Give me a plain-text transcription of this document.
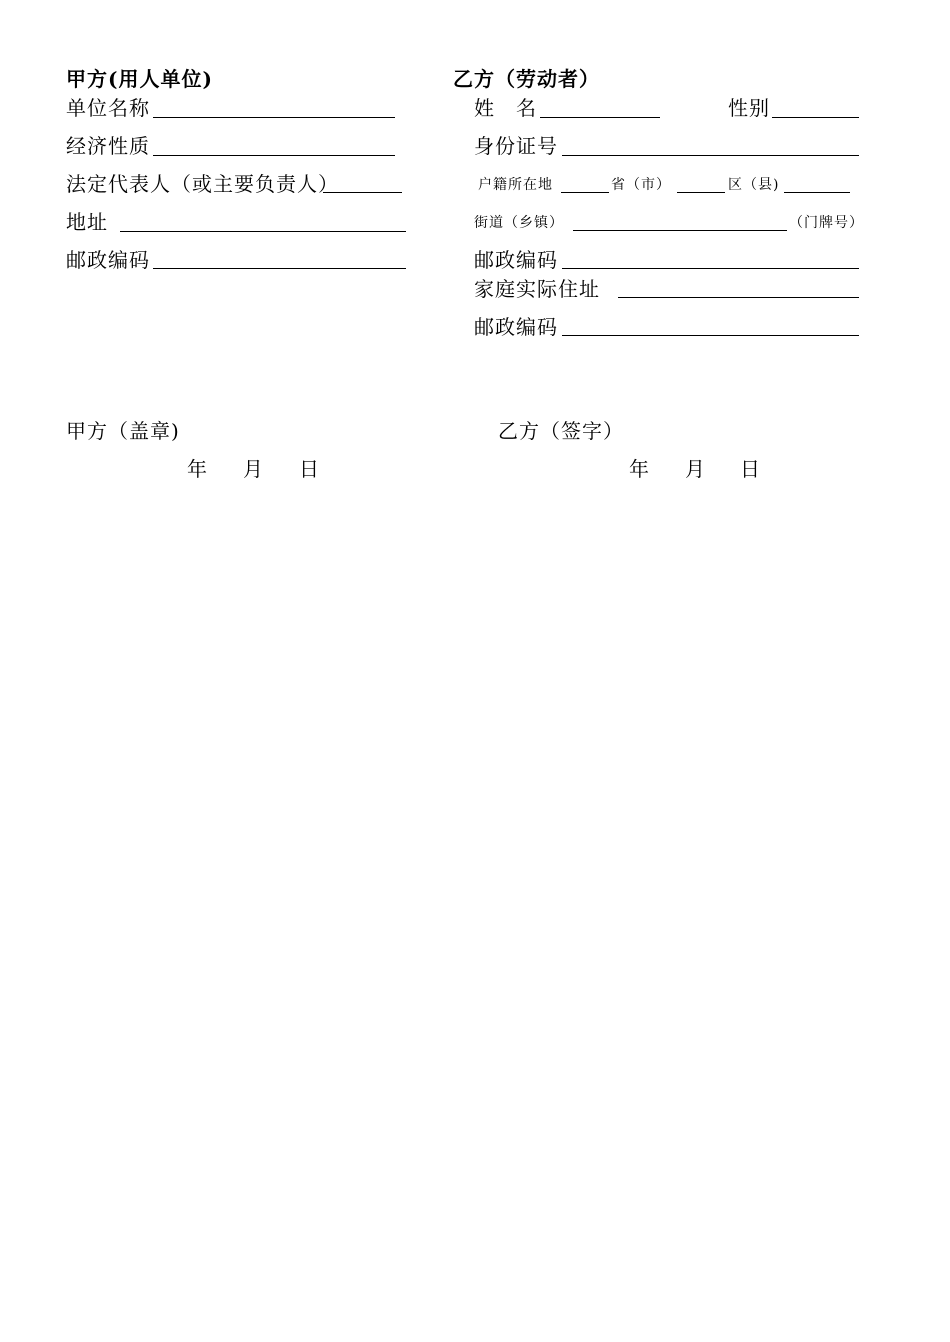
甲方(用人单位)
单位名称
经济性质
法定代表人（或主要负责人）
地址
邮政编码
乙方（劳动者）
姓　名	性别
身份证号
户籍所在地	省（市）	区（县)
街道（乡镇）	（门牌号）
邮政编码
家庭实际住址
邮政编码
甲方（盖章)	乙方（签字）
年 月 日	年 月 日
